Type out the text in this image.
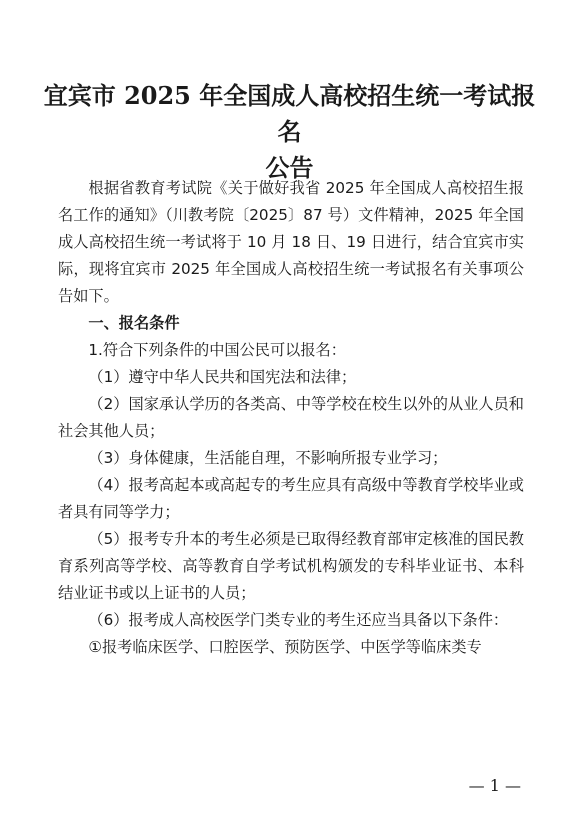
宜宾市 2025 年全国成人高校招生统一考试报名
公告

根据省教育考试院《关于做好我省 2025 年全国成人高校招生报名工作的通知》（川教考院〔2025〕87 号）文件精神，2025 年全国成人高校招生统一考试将于 10 月 18 日、19 日进行，结合宜宾市实际，现将宜宾市 2025 年全国成人高校招生统一考试报名有关事项公告如下。

一、报名条件

1.符合下列条件的中国公民可以报名：

（1）遵守中华人民共和国宪法和法律；

（2）国家承认学历的各类高、中等学校在校生以外的从业人员和社会其他人员；

（3）身体健康，生活能自理，不影响所报专业学习；

（4）报考高起本或高起专的考生应具有高级中等教育学校毕业或者具有同等学力；

（5）报考专升本的考生必须是已取得经教育部审定核准的国民教育系列高等学校、高等教育自学考试机构颁发的专科毕业证书、本科结业证书或以上证书的人员；

（6）报考成人高校医学门类专业的考生还应当具备以下条件：

①报考临床医学、口腔医学、预防医学、中医学等临床类专

— 1 —
